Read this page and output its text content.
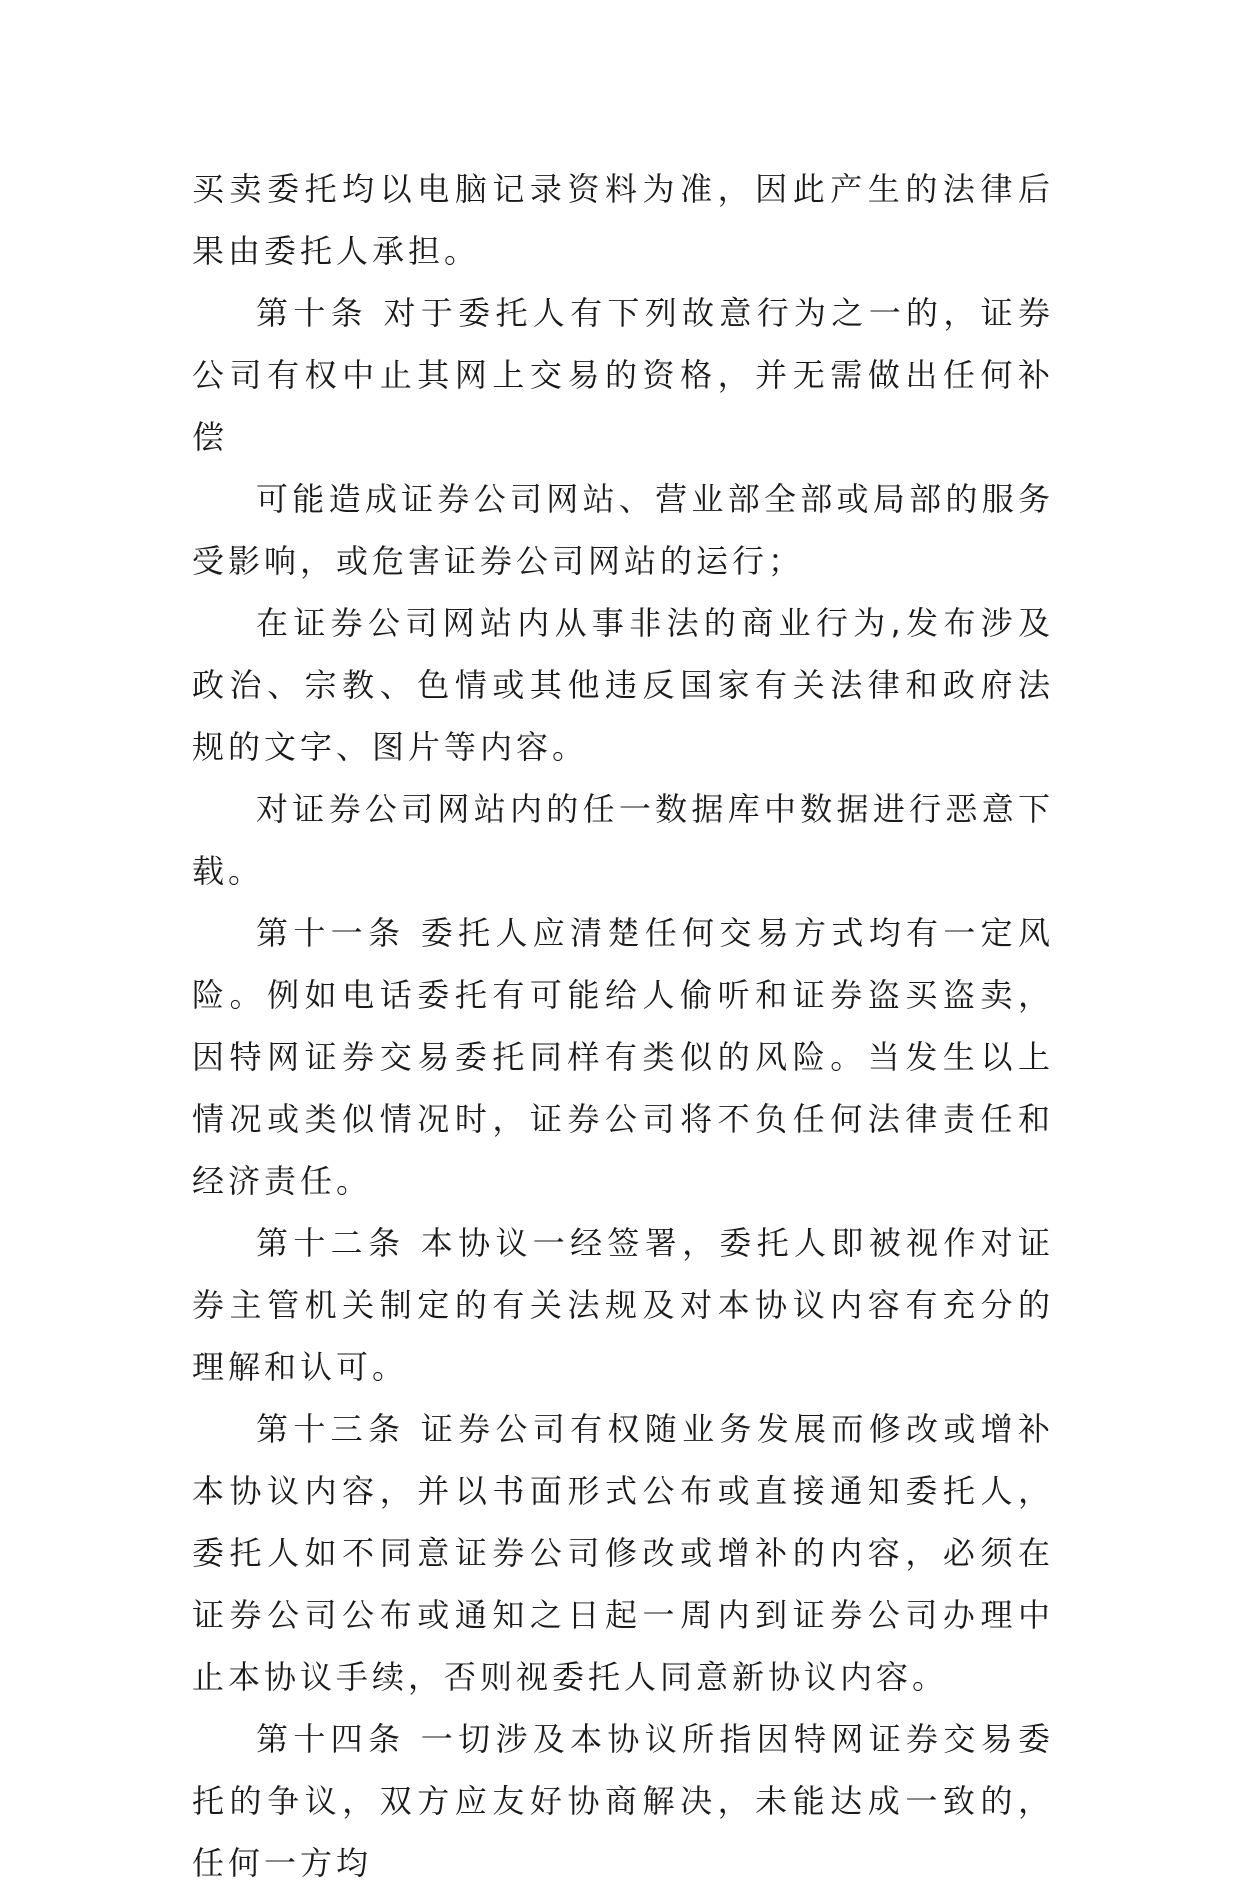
买卖委托均以电脑记录资料为准，因此产生的法律后果由委托人承担。

第十条 对于委托人有下列故意行为之一的，证券公司有权中止其网上交易的资格，并无需做出任何补偿

可能造成证券公司网站、营业部全部或局部的服务受影响，或危害证券公司网站的运行；

在证券公司网站内从事非法的商业行为,发布涉及政治、宗教、色情或其他违反国家有关法律和政府法规的文字、图片等内容。

对证券公司网站内的任一数据库中数据进行恶意下载。

第十一条 委托人应清楚任何交易方式均有一定风险。例如电话委托有可能给人偷听和证券盗买盗卖，因特网证券交易委托同样有类似的风险。当发生以上情况或类似情况时，证券公司将不负任何法律责任和经济责任。

第十二条 本协议一经签署，委托人即被视作对证券主管机关制定的有关法规及对本协议内容有充分的理解和认可。

第十三条 证券公司有权随业务发展而修改或增补本协议内容，并以书面形式公布或直接通知委托人，委托人如不同意证券公司修改或增补的内容，必须在证券公司公布或通知之日起一周内到证券公司办理中止本协议手续，否则视委托人同意新协议内容。

第十四条 一切涉及本协议所指因特网证券交易委托的争议，双方应友好协商解决，未能达成一致的，任何一方均
